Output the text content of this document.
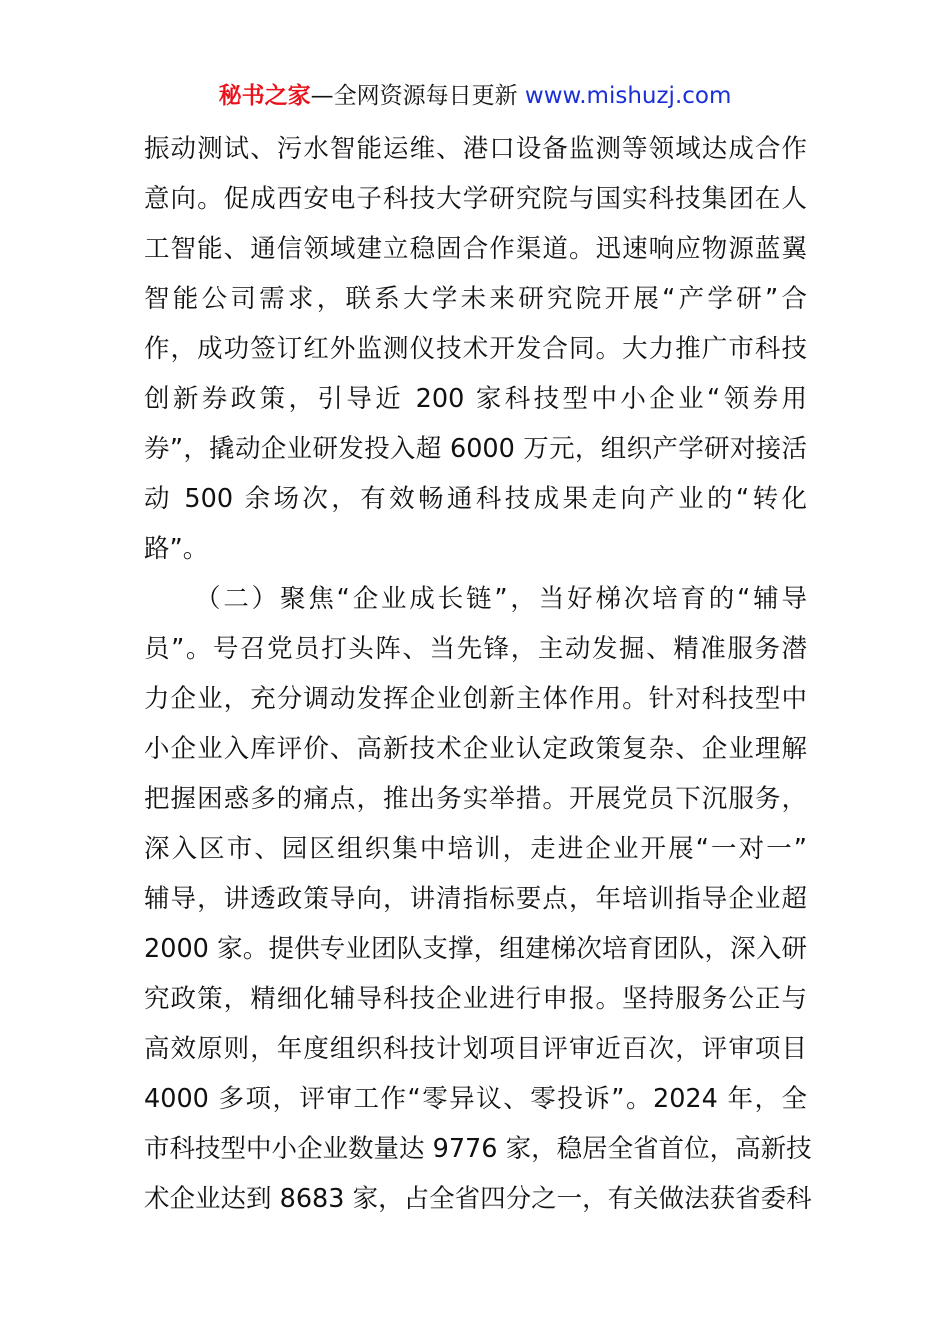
秘书之家—全网资源每日更新 www.mishuzj.com
振动测试、污水智能运维、港口设备监测等领域达成合作
意向。促成西安电子科技大学研究院与国实科技集团在人
工智能、通信领域建立稳固合作渠道。迅速响应物源蓝翼
智能公司需求，联系大学未来研究院开展“产学研”合
作，成功签订红外监测仪技术开发合同。大力推广市科技
创新券政策，引导近 200 家科技型中小企业“领券用
券”，撬动企业研发投入超 6000 万元，组织产学研对接活
动 500 余场次，有效畅通科技成果走向产业的“转化
路”。
（二）聚焦“企业成长链”，当好梯次培育的“辅导
员”。号召党员打头阵、当先锋，主动发掘、精准服务潜
力企业，充分调动发挥企业创新主体作用。针对科技型中
小企业入库评价、高新技术企业认定政策复杂、企业理解
把握困惑多的痛点，推出务实举措。开展党员下沉服务，
深入区市、园区组织集中培训，走进企业开展“一对一”
辅导，讲透政策导向，讲清指标要点，年培训指导企业超
2000 家。提供专业团队支撑，组建梯次培育团队，深入研
究政策，精细化辅导科技企业进行申报。坚持服务公正与
高效原则，年度组织科技计划项目评审近百次，评审项目
4000 多项，评审工作“零异议、零投诉”。2024 年，全
市科技型中小企业数量达 9776 家，稳居全省首位，高新技
术企业达到 8683 家，占全省四分之一，有关做法获省委科
